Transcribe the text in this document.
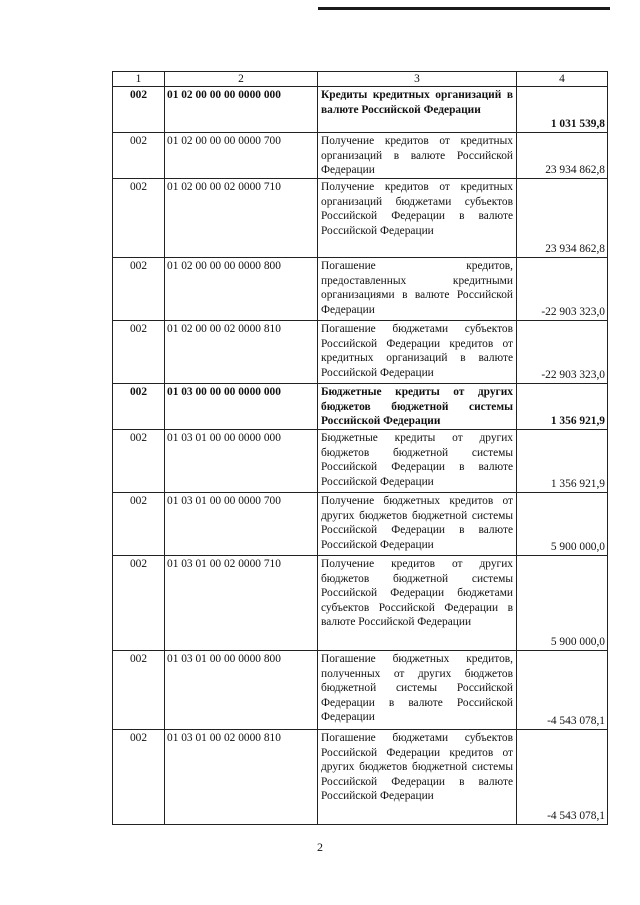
1	2	3	4
002	01 02 00 00 00 0000 000	Кредиты кредитных организаций в валюте Российской Федерации	1 031 539,8
002	01 02 00 00 00 0000 700	Получение кредитов от кредитных организаций в валюте Российской Федерации	23 934 862,8
002	01 02 00 00 02 0000 710	Получение кредитов от кредитных организаций бюджетами субъектов Российской Федерации в валюте Российской Федерации	23 934 862,8
002	01 02 00 00 00 0000 800	Погашение кредитов, предоставленных кредитными организациями в валюте Российской Федерации	-22 903 323,0
002	01 02 00 00 02 0000 810	Погашение бюджетами субъектов Российской Федерации кредитов от кредитных организаций в валюте Российской Федерации	-22 903 323,0
002	01 03 00 00 00 0000 000	Бюджетные кредиты от других бюджетов бюджетной системы Российской Федерации	1 356 921,9
002	01 03 01 00 00 0000 000	Бюджетные кредиты от других бюджетов бюджетной системы Российской Федерации в валюте Российской Федерации	1 356 921,9
002	01 03 01 00 00 0000 700	Получение бюджетных кредитов от других бюджетов бюджетной системы Российской Федерации в валюте Российской Федерации	5 900 000,0
002	01 03 01 00 02 0000 710	Получение кредитов от других бюджетов бюджетной системы Российской Федерации бюджетами субъектов Российской Федерации в валюте Российской Федерации	5 900 000,0
002	01 03 01 00 00 0000 800	Погашение бюджетных кредитов, полученных от других бюджетов бюджетной системы Российской Федерации в валюте Российской Федерации	-4 543 078,1
002	01 03 01 00 02 0000 810	Погашение бюджетами субъектов Российской Федерации кредитов от других бюджетов бюджетной системы Российской Федерации в валюте Российской Федерации	-4 543 078,1
2
